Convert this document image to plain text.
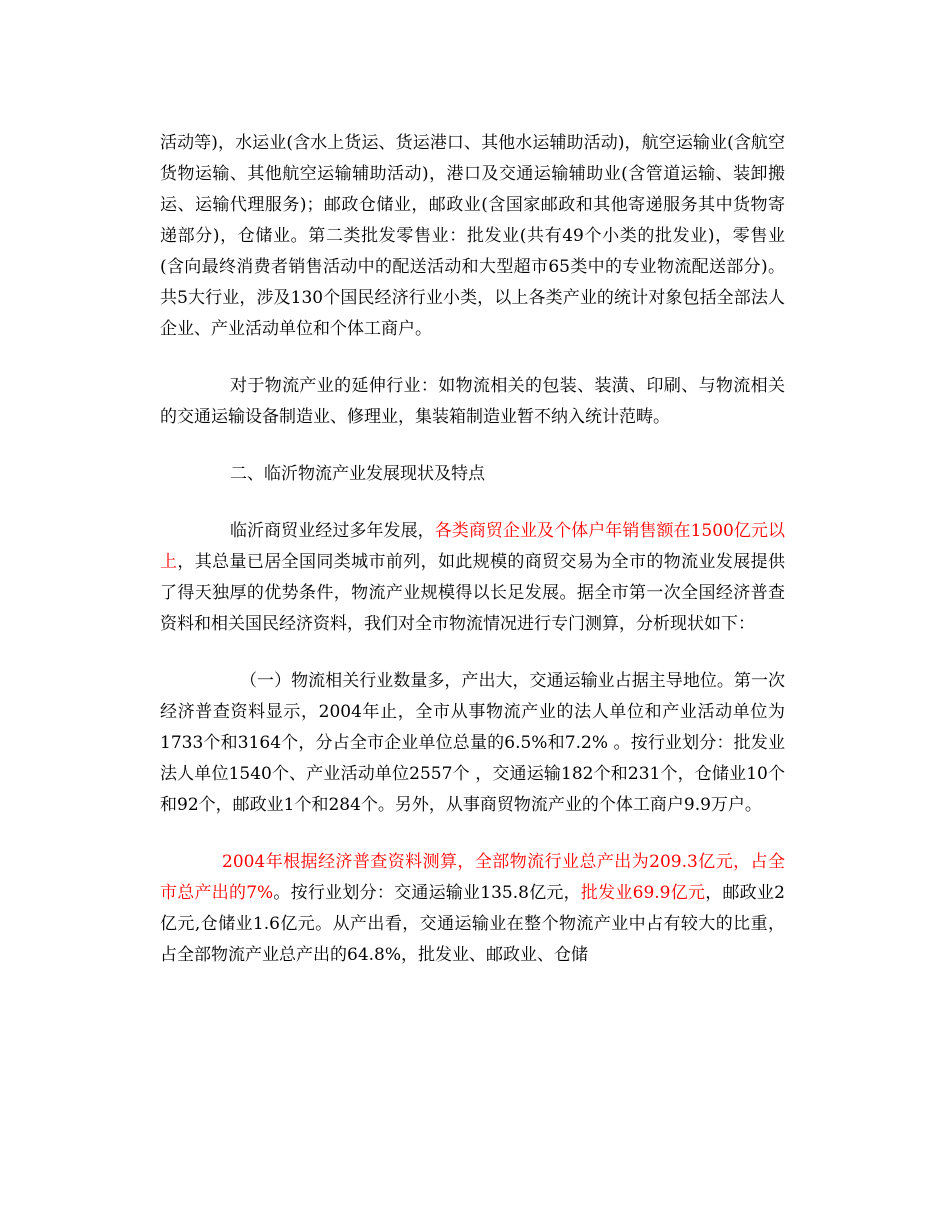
活动等)，水运业(含水上货运、货运港口、其他水运辅助活动)，航空运输业(含航空货物运输、其他航空运输辅助活动)，港口及交通运输辅助业(含管道运输、装卸搬运、运输代理服务)；邮政仓储业，邮政业(含国家邮政和其他寄递服务其中货物寄递部分)，仓储业。第二类批发零售业：批发业(共有49个小类的批发业)，零售业(含向最终消费者销售活动中的配送活动和大型超市65类中的专业物流配送部分)。共5大行业，涉及130个国民经济行业小类，以上各类产业的统计对象包括全部法人企业、产业活动单位和个体工商户。

对于物流产业的延伸行业：如物流相关的包装、装潢、印刷、与物流相关的交通运输设备制造业、修理业，集装箱制造业暂不纳入统计范畴。

二、临沂物流产业发展现状及特点

临沂商贸业经过多年发展，各类商贸企业及个体户年销售额在1500亿元以上，其总量已居全国同类城市前列，如此规模的商贸交易为全市的物流业发展提供了得天独厚的优势条件，物流产业规模得以长足发展。据全市第一次全国经济普查资料和相关国民经济资料，我们对全市物流情况进行专门测算，分析现状如下：

（一）物流相关行业数量多，产出大，交通运输业占据主导地位。第一次经济普查资料显示，2004年止，全市从事物流产业的法人单位和产业活动单位为1733个和3164个，分占全市企业单位总量的6.5%和7.2% 。按行业划分：批发业法人单位1540个、产业活动单位2557个 ，交通运输182个和231个，仓储业10个和92个，邮政业1个和284个。另外，从事商贸物流产业的个体工商户9.9万户。

2004年根据经济普查资料测算，全部物流行业总产出为209.3亿元，占全市总产出的7%。按行业划分：交通运输业135.8亿元，批发业69.9亿元，邮政业2亿元,仓储业1.6亿元。从产出看，交通运输业在整个物流产业中占有较大的比重，占全部物流产业总产出的64.8%，批发业、邮政业、仓储
